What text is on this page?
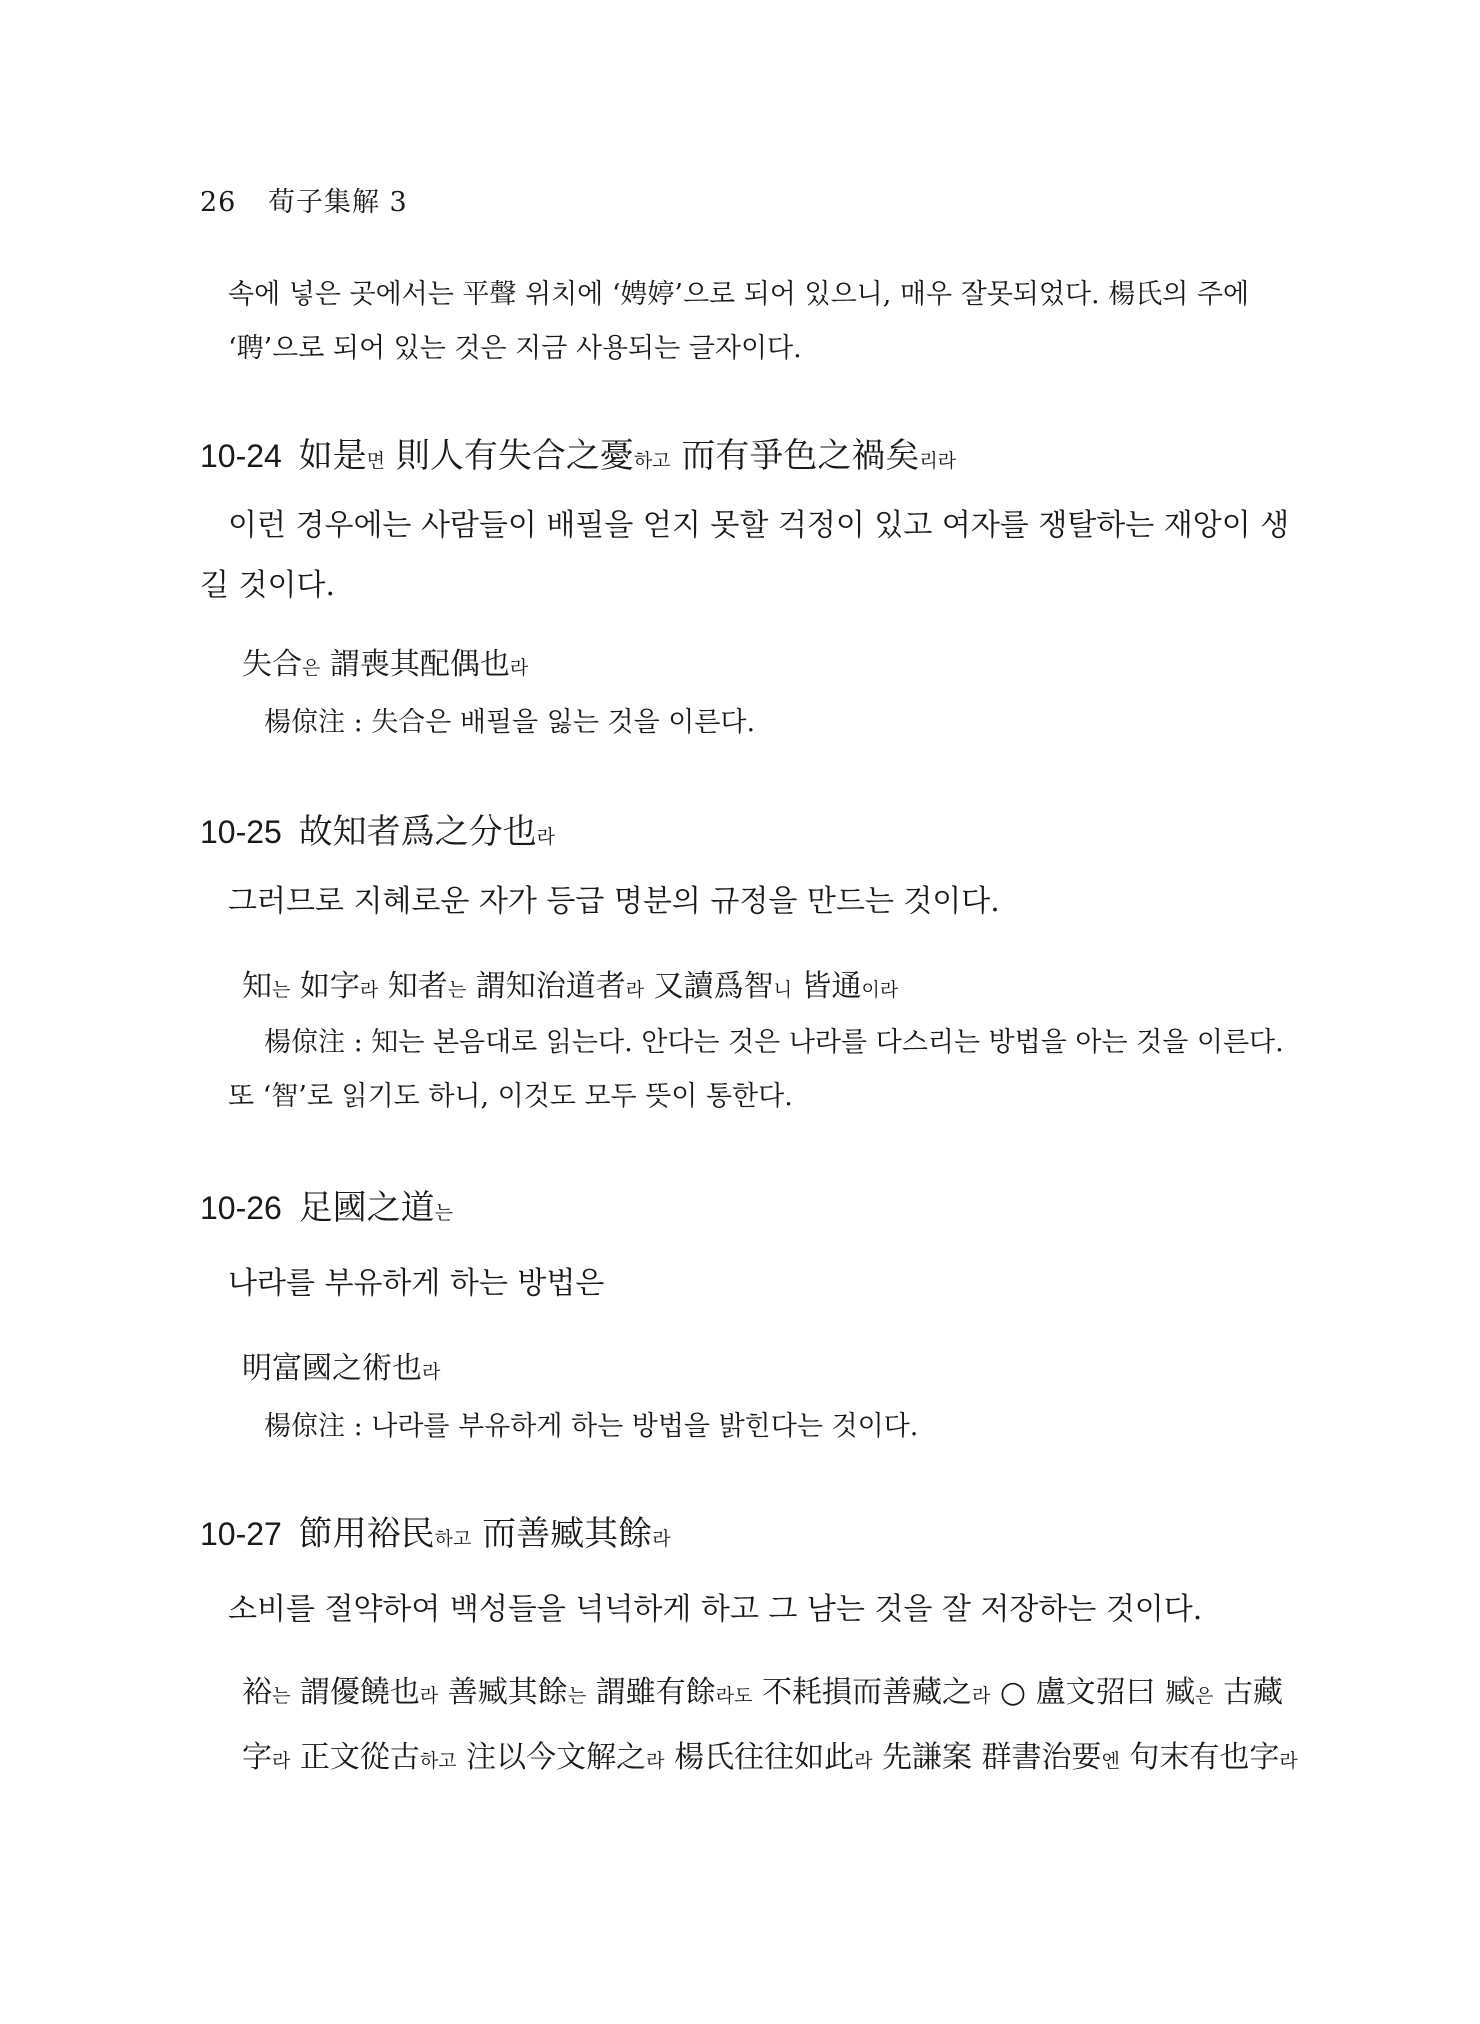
26 荀子集解 3
속에 넣은 곳에서는 平聲 위치에 ‘娉婷’으로 되어 있으니, 매우 잘못되었다. 楊氏의 주에 ‘聘’으로 되어 있는 것은 지금 사용되는 글자이다.
10-24 如是면 則人有失合之憂하고 而有爭色之禍矣리라
이런 경우에는 사람들이 배필을 얻지 못할 걱정이 있고 여자를 쟁탈하는 재앙이 생길 것이다.
失合은 謂喪其配偶也라
楊倞注 : 失合은 배필을 잃는 것을 이른다.
10-25 故知者爲之分也라
그러므로 지혜로운 자가 등급 명분의 규정을 만드는 것이다.
知는 如字라 知者는 謂知治道者라 又讀爲智니 皆通이라
楊倞注 : 知는 본음대로 읽는다. 안다는 것은 나라를 다스리는 방법을 아는 것을 이른다. 또 ‘智’로 읽기도 하니, 이것도 모두 뜻이 통한다.
10-26 足國之道는
나라를 부유하게 하는 방법은
明富國之術也라
楊倞注 : 나라를 부유하게 하는 방법을 밝힌다는 것이다.
10-27 節用裕民하고 而善臧其餘라
소비를 절약하여 백성들을 넉넉하게 하고 그 남는 것을 잘 저장하는 것이다.
裕는 謂優饒也라 善臧其餘는 謂雖有餘라도 不耗損而善藏之라 ○ 盧文弨曰 臧은 古藏字라 正文從古하고 注以今文解之라 楊氏往往如此라 先謙案 群書治要엔 句末有也字라
